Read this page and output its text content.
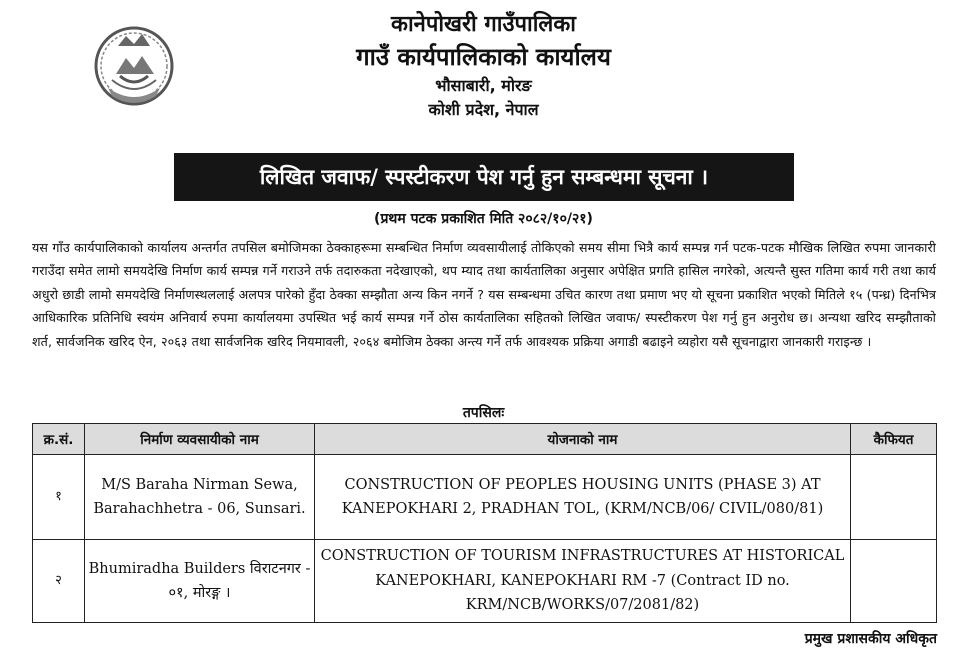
कानेपोखरी गाउँपालिका
गाउँ कार्यपालिकाको कार्यालय
भौसाबारी, मोरङ
कोशी प्रदेश, नेपाल
लिखित जवाफ/ स्पस्टीकरण पेश गर्नु हुन सम्बन्धमा सूचना ।
(प्रथम पटक प्रकाशित मिति २०८२/१०/२१)
यस गाँउ कार्यपालिकाको कार्यालय अन्तर्गत तपसिल बमोजिमका ठेक्काहरूमा सम्बन्धित निर्माण व्यवसायीलाई तोकिएको समय सीमा भित्रै कार्य सम्पन्न गर्न पटक-पटक मौखिक लिखित रुपमा जानकारी गराउँदा समेत लामो समयदेखि निर्माण कार्य सम्पन्न गर्ने गराउने तर्फ तदारुकता नदेखाएको, थप म्याद तथा कार्यतालिका अनुसार अपेक्षित प्रगति हासिल नगरेको, अत्यन्तै सुस्त गतिमा कार्य गरी तथा कार्य अधुरो छाडी लामो समयदेखि निर्माणस्थललाई अलपत्र पारेको हुँदा ठेक्का सम्झौता अन्य किन नगर्ने ? यस सम्बन्धमा उचित कारण तथा प्रमाण भए यो सूचना प्रकाशित भएको मितिले १५ (पन्ध्र) दिनभित्र आधिकारिक प्रतिनिधि स्वयंम अनिवार्य रुपमा कार्यालयमा उपस्थित भई कार्य सम्पन्न गर्ने ठोस कार्यतालिका सहितको लिखित जवाफ/ स्पस्टीकरण पेश गर्नु हुन अनुरोध छ। अन्यथा खरिद सम्झौताको शर्त, सार्वजनिक खरिद ऐन, २०६३ तथा सार्वजनिक खरिद नियमावली, २०६४ बमोजिम ठेक्का अन्त्य गर्ने तर्फ आवश्यक प्रक्रिया अगाडी बढाइने व्यहोरा यसै सूचनाद्वारा जानकारी गराइन्छ ।
तपसिलः
क्र.सं.	निर्माण व्यवसायीको नाम	योजनाको नाम	कैफियत
१	M/S Baraha Nirman Sewa, Barahachhetra - 06, Sunsari.	CONSTRUCTION OF PEOPLES HOUSING UNITS (PHASE 3) AT KANEPOKHARI 2, PRADHAN TOL, (KRM/NCB/06/ CIVIL/080/81)	
२	Bhumiradha Builders विराटनगर - ०१, मोरङ्ग ।	CONSTRUCTION OF TOURISM INFRASTRUCTURES AT HISTORICAL KANEPOKHARI, KANEPOKHARI RM -7 (Contract ID no. KRM/NCB/WORKS/07/2081/82)	
प्रमुख प्रशासकीय अधिकृत
